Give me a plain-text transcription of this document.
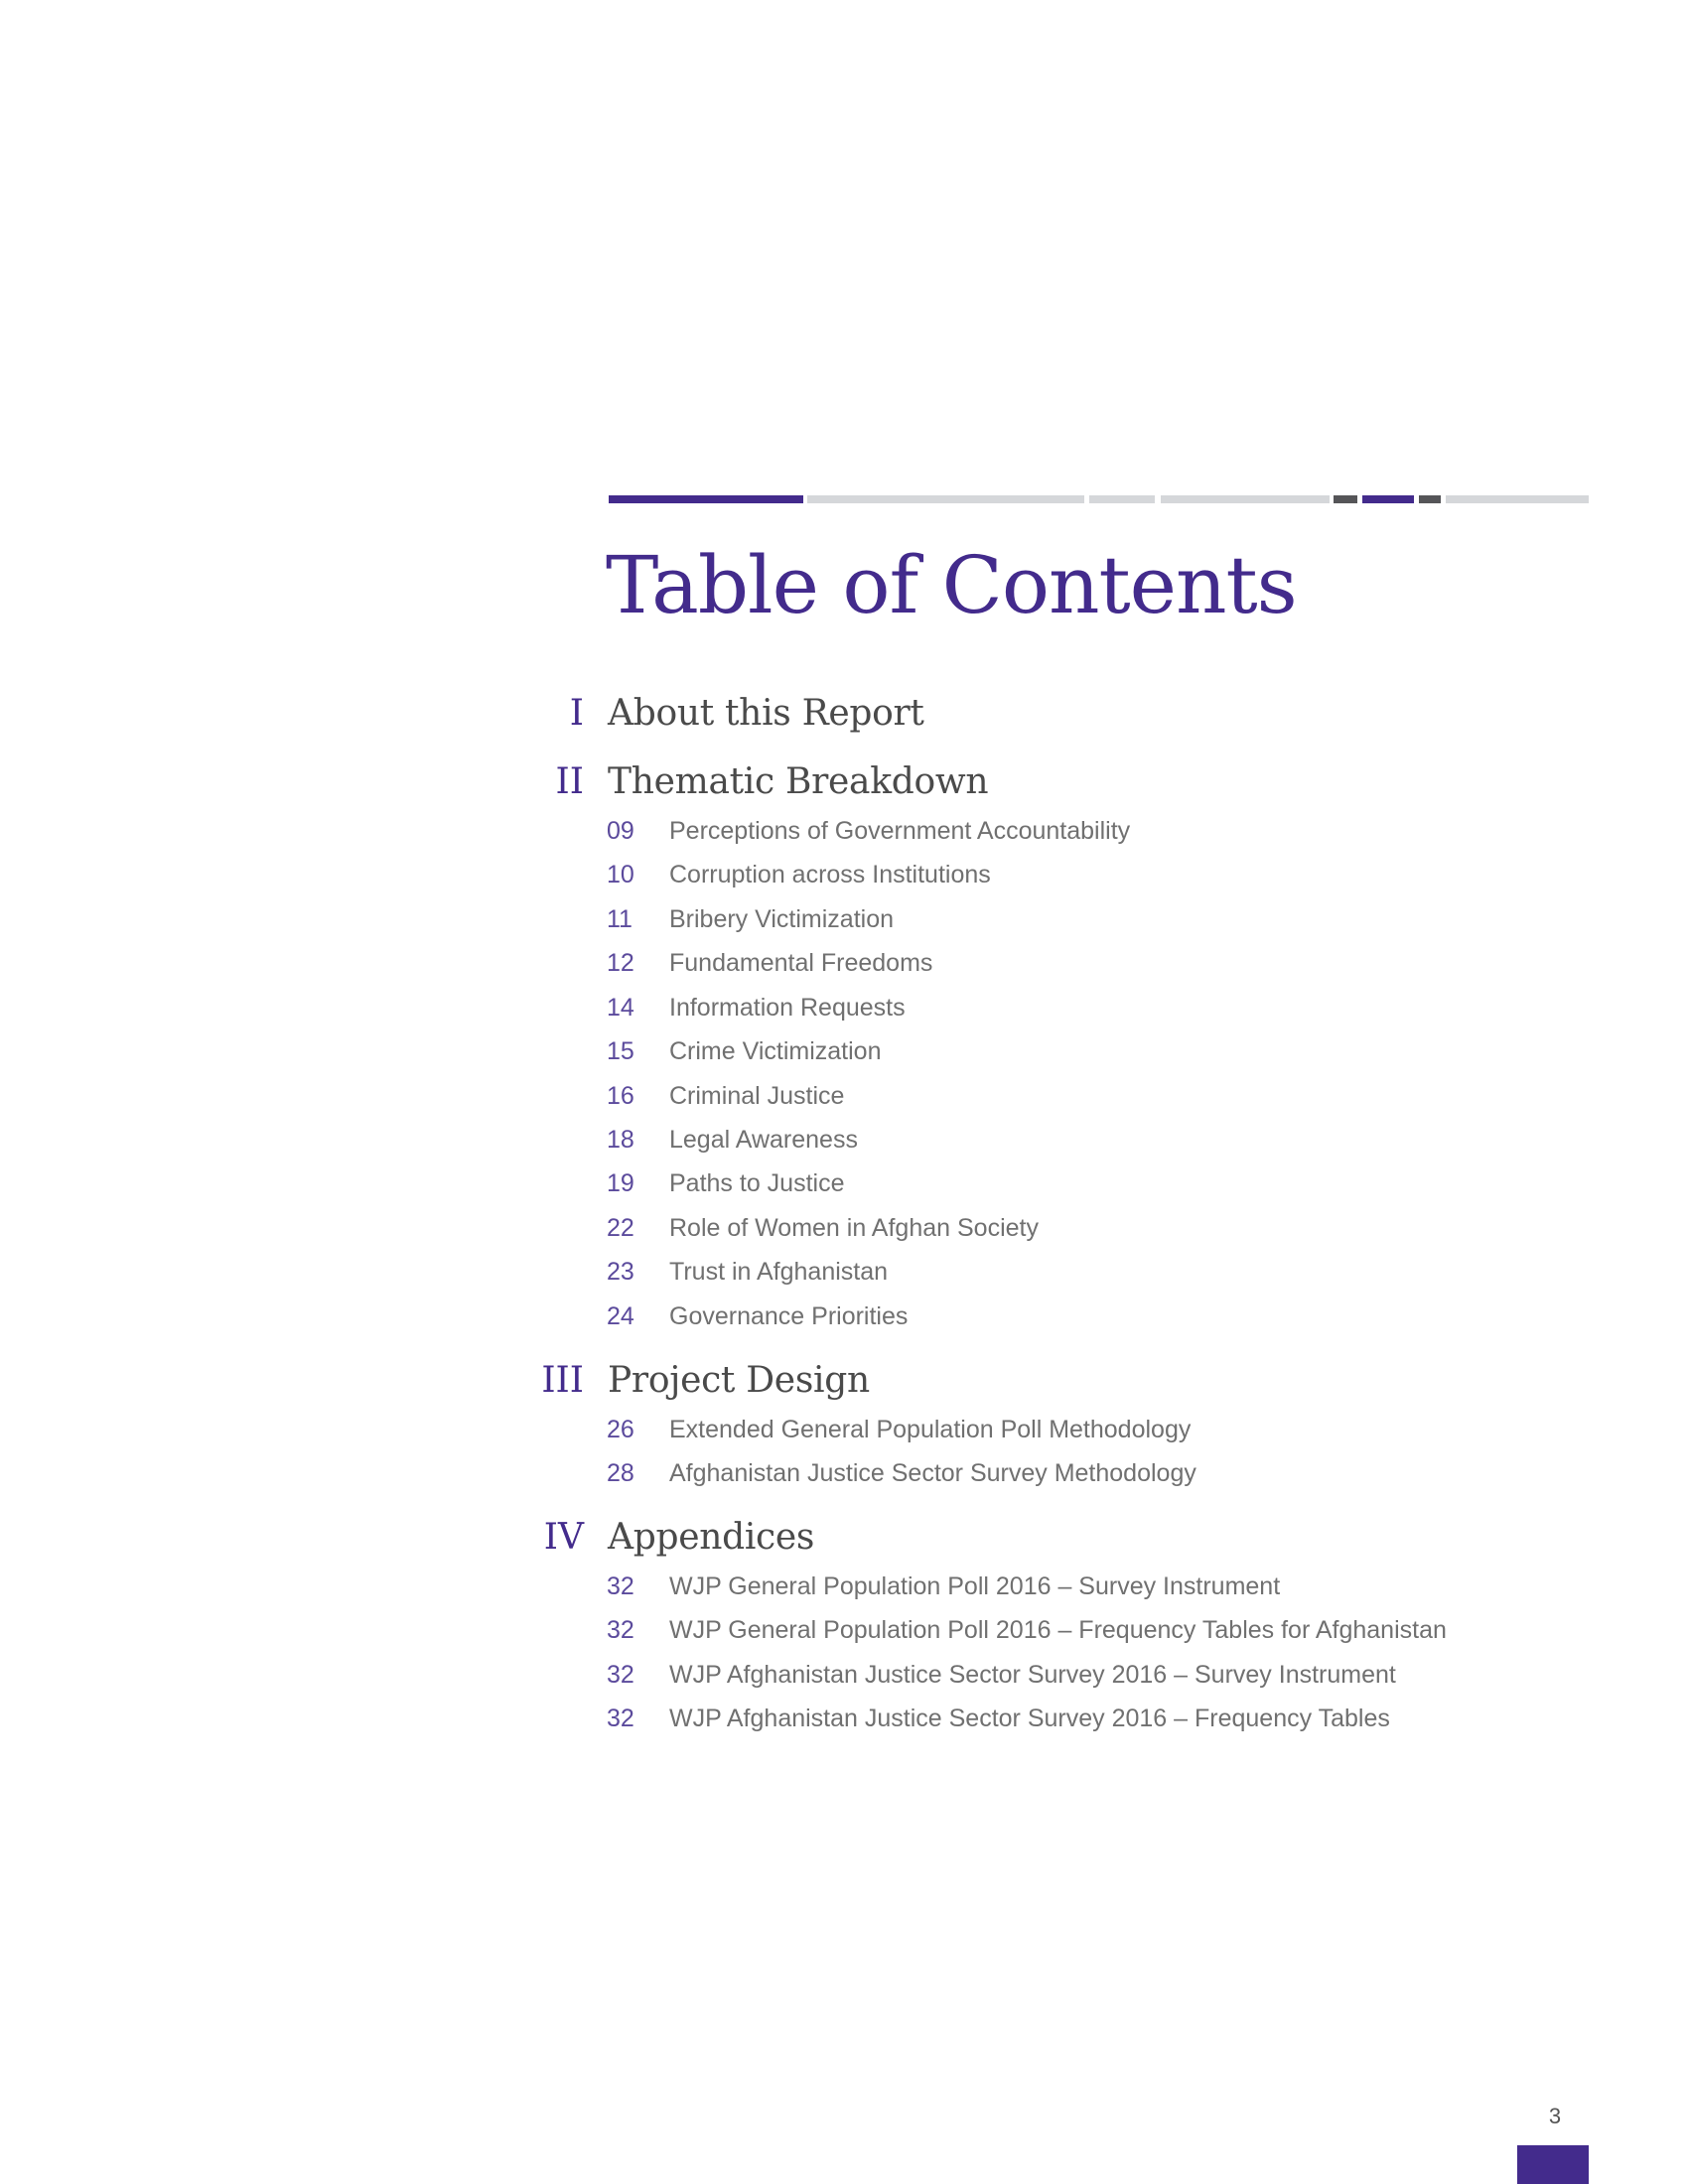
Table of Contents
I About this Report
II Thematic Breakdown
09 Perceptions of Government Accountability
10 Corruption across Institutions
11 Bribery Victimization
12 Fundamental Freedoms
14 Information Requests
15 Crime Victimization
16 Criminal Justice
18 Legal Awareness
19 Paths to Justice
22 Role of Women in Afghan Society
23 Trust in Afghanistan
24 Governance Priorities
III Project Design
26 Extended General Population Poll Methodology
28 Afghanistan Justice Sector Survey Methodology
IV Appendices
32 WJP General Population Poll 2016 – Survey Instrument
32 WJP General Population Poll 2016 – Frequency Tables for Afghanistan
32 WJP Afghanistan Justice Sector Survey 2016 – Survey Instrument
32 WJP Afghanistan Justice Sector Survey 2016 – Frequency Tables
3
